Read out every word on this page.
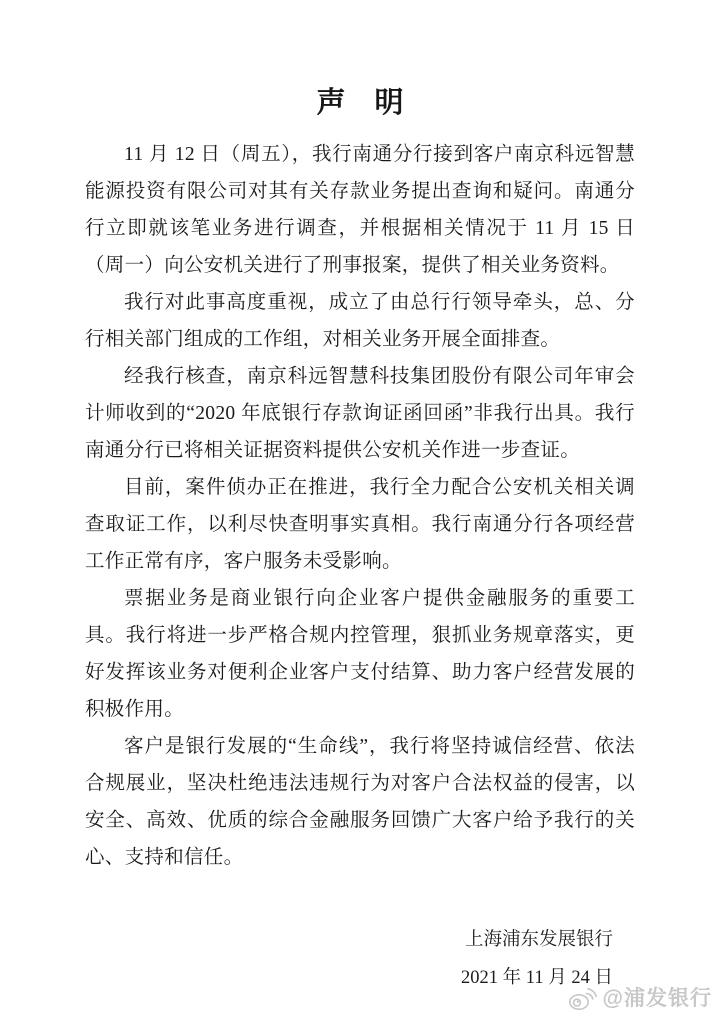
声　明

11 月 12 日（周五），我行南通分行接到客户南京科远智慧能源投资有限公司对其有关存款业务提出查询和疑问。南通分行立即就该笔业务进行调查，并根据相关情况于 11 月 15 日（周一）向公安机关进行了刑事报案，提供了相关业务资料。

我行对此事高度重视，成立了由总行行领导牵头，总、分行相关部门组成的工作组，对相关业务开展全面排查。

经我行核查，南京科远智慧科技集团股份有限公司年审会计师收到的“2020 年底银行存款询证函回函”非我行出具。我行南通分行已将相关证据资料提供公安机关作进一步查证。

目前，案件侦办正在推进，我行全力配合公安机关相关调查取证工作，以利尽快查明事实真相。我行南通分行各项经营工作正常有序，客户服务未受影响。

票据业务是商业银行向企业客户提供金融服务的重要工具。我行将进一步严格合规内控管理，狠抓业务规章落实，更好发挥该业务对便利企业客户支付结算、助力客户经营发展的积极作用。

客户是银行发展的“生命线”，我行将坚持诚信经营、依法合规展业，坚决杜绝违法违规行为对客户合法权益的侵害，以安全、高效、优质的综合金融服务回馈广大客户给予我行的关心、支持和信任。

上海浦东发展银行
2021 年 11 月 24 日
@浦发银行
